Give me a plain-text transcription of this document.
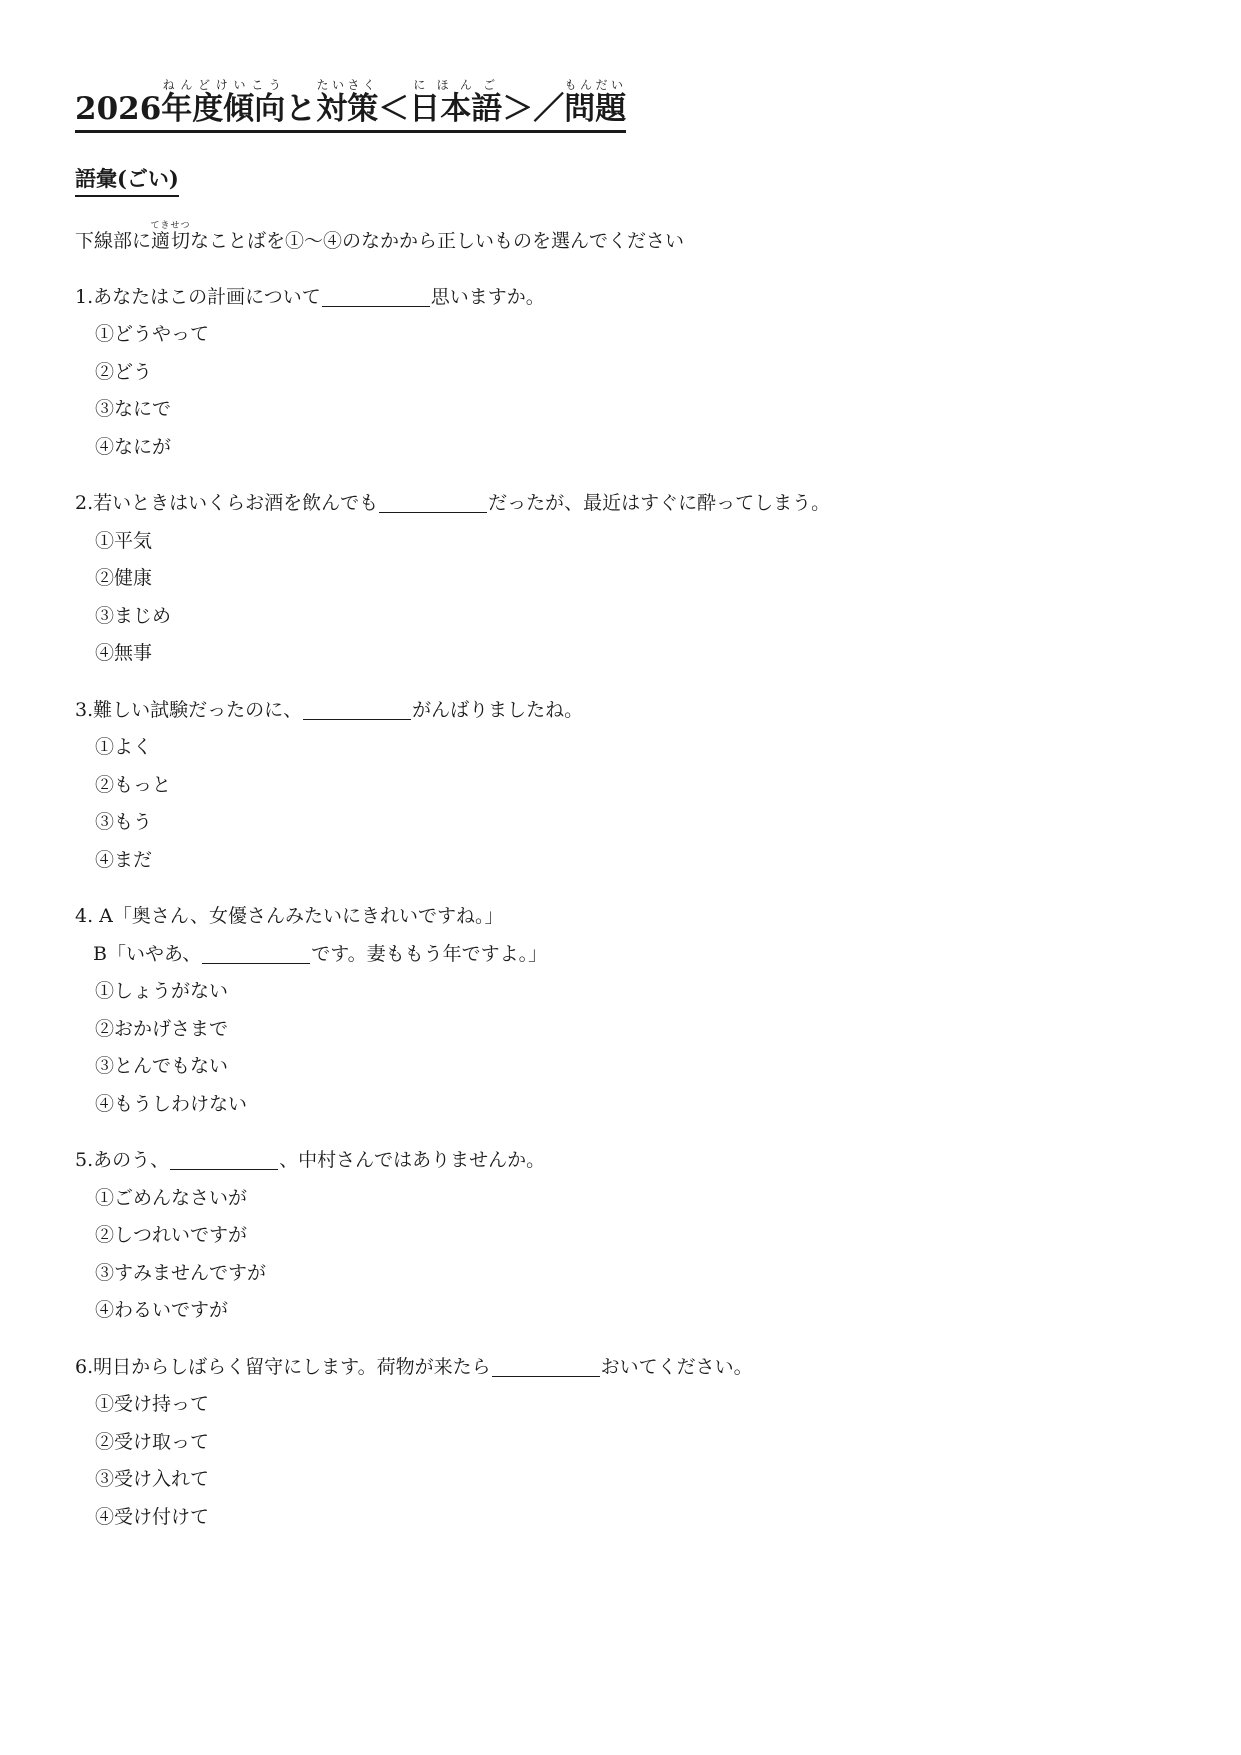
2026年度傾向ねんどけいこうと対策たいさく＜日本語にほんご＞／問題もんだい
語彙(ごい)
下線部に適切てきせつなことばを①～④のなかから正しいものを選んでください
1.あなたはこの計画について	思いますか。
①どうやって
②どう
③なにで
④なにが
2.若いときはいくらお酒を飲んでも	だったが、最近はすぐに酔ってしまう。
①平気
②健康
③まじめ
④無事
3.難しい試験だったのに、	がんばりましたね。
①よく
②もっと
③もう
④まだ
4. A「奥さん、女優さんみたいにきれいですね。」
B「いやあ、	です。妻ももう年ですよ。」
①しょうがない
②おかげさまで
③とんでもない
④もうしわけない
5.あのう、	、中村さんではありませんか。
①ごめんなさいが
②しつれいですが
③すみませんですが
④わるいですが
6.明日からしばらく留守にします。荷物が来たら	おいてください。
①受け持って
②受け取って
③受け入れて
④受け付けて
